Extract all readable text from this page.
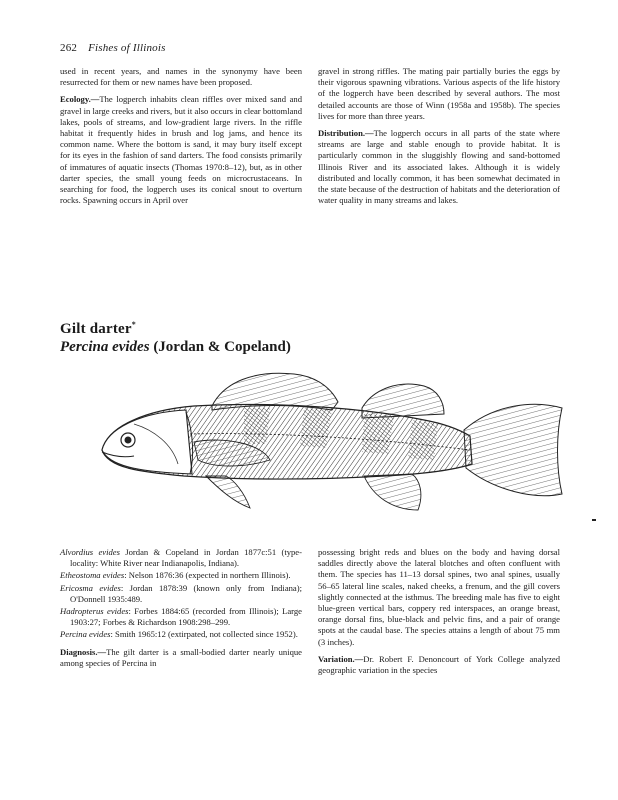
262 Fishes of Illinois

used in recent years, and names in the synonymy have been resurrected for them or new names have been proposed.

Ecology.—The logperch inhabits clean riffles over mixed sand and gravel in large creeks and rivers, but it also occurs in clear bottomland lakes, pools of streams, and low-gradient large rivers. In the riffle habitat it frequently hides in brush and log jams, and hence its common name. Where the bottom is sand, it may bury itself except for its eyes in the fashion of sand darters. The food consists primarily of immatures of aquatic insects (Thomas 1970:8–12), but, as in other darter species, the small young feeds on microcrustaceans. In searching for food, the logperch uses its conical snout to overturn rocks. Spawning occurs in April over

gravel in strong riffles. The mating pair partially buries the eggs by their vigorous spawning vibrations. Various aspects of the life history of the logperch have been described by several authors. The most detailed accounts are those of Winn (1958a and 1958b). The species lives for more than three years.

Distribution.—The logperch occurs in all parts of the state where streams are large and stable enough to provide habitat. It is particularly common in the sluggishly flowing and sand-bottomed Illinois River and its associated lakes. Although it is widely distributed and locally common, it has been somewhat decimated in the state because of the destruction of habitats and the deterioration of water quality in many streams and lakes.

Gilt darter*
Percina evides (Jordan & Copeland)

Alvordius evides Jordan & Copeland in Jordan 1877c:51 (type-locality: White River near Indianapolis, Indiana).

Etheostoma evides: Nelson 1876:36 (expected in northern Illinois).

Ericosma evides: Jordan 1878:39 (known only from Indiana); O'Donnell 1935:489.

Hadropterus evides: Forbes 1884:65 (recorded from Illinois); Large 1903:27; Forbes & Richardson 1908:298–299.

Percina evides: Smith 1965:12 (extirpated, not collected since 1952).

Diagnosis.—The gilt darter is a small-bodied darter nearly unique among species of Percina in

possessing bright reds and blues on the body and having dorsal saddles directly above the lateral blotches and often confluent with them. The species has 11–13 dorsal spines, two anal spines, usually 56–65 lateral line scales, naked cheeks, a frenum, and the gill covers slightly connected at the isthmus. The breeding male has five to eight blue-green vertical bars, coppery red interspaces, an orange breast, orange dorsal fins, blue-black and pelvic fins, and a pair of orange spots at the caudal base. The species attains a length of about 75 mm (3 inches).

Variation.—Dr. Robert F. Denoncourt of York College analyzed geographic variation in the species
